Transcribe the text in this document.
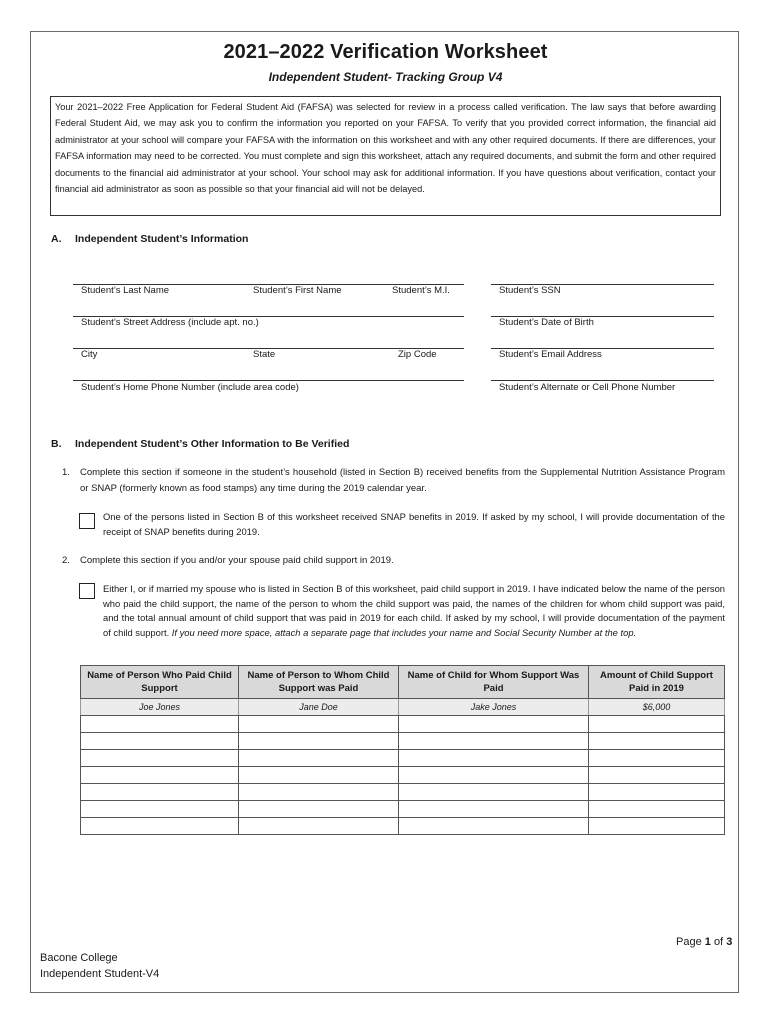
2021–2022 Verification Worksheet
Independent Student- Tracking Group V4
Your 2021–2022 Free Application for Federal Student Aid (FAFSA) was selected for review in a process called verification. The law says that before awarding Federal Student Aid, we may ask you to confirm the information you reported on your FAFSA. To verify that you provided correct information, the financial aid administrator at your school will compare your FAFSA with the information on this worksheet and with any other required documents. If there are differences, your FAFSA information may need to be corrected. You must complete and sign this worksheet, attach any required documents, and submit the form and other required documents to the financial aid administrator at your school. Your school may ask for additional information. If you have questions about verification, contact your financial aid administrator as soon as possible so that your financial aid will not be delayed.
A. Independent Student’s Information
Student’s Last Name	Student’s First Name	Student’s M.I.	Student’s SSN
Student’s Street Address (include apt. no.)	Student’s Date of Birth
City	State	Zip Code	Student’s Email Address
Student’s Home Phone Number (include area code)	Student’s Alternate or Cell Phone Number
B. Independent Student’s Other Information to Be Verified
1. Complete this section if someone in the student’s household (listed in Section B) received benefits from the Supplemental Nutrition Assistance Program or SNAP (formerly known as food stamps) any time during the 2019 calendar year.
One of the persons listed in Section B of this worksheet received SNAP benefits in 2019. If asked by my school, I will provide documentation of the receipt of SNAP benefits during 2019.
2. Complete this section if you and/or your spouse paid child support in 2019.
Either I, or if married my spouse who is listed in Section B of this worksheet, paid child support in 2019. I have indicated below the name of the person who paid the child support, the name of the person to whom the child support was paid, the names of the children for whom child support was paid, and the total annual amount of child support that was paid in 2019 for each child. If asked by my school, I will provide documentation of the payment of child support. If you need more space, attach a separate page that includes your name and Social Security Number at the top.
Name of Person Who Paid Child Support	Name of Person to Whom Child Support was Paid	Name of Child for Whom Support Was Paid	Amount of Child Support Paid in 2019
Joe Jones	Jane Doe	Jake Jones	$6,000

Page 1 of 3
Bacone College
Independent Student-V4
